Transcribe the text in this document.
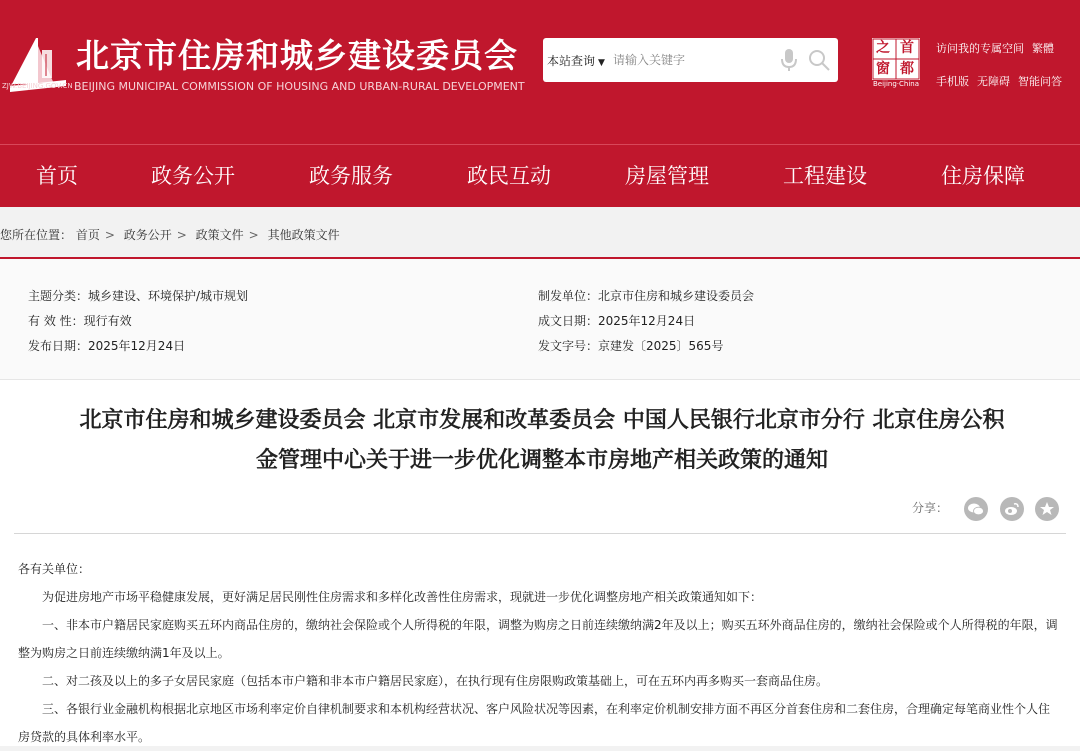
ZJW.BEIJING.GOV.CN
北京市住房和城乡建设委员会
BEIJING MUNICIPAL COMMISSION OF HOUSING AND URBAN-RURAL DEVELOPMENT
本站查询 ▼
请输入关键字
之 首
窗 都
Beijing·China
访问我的专属空间 繁體
手机版 无障碍 智能问答
首页	政务公开	政务服务	政民互动	房屋管理	工程建设	住房保障
您所在位置： 首页 > 政务公开 > 政策文件 > 其他政策文件
主题分类：城乡建设、环境保护/城市规划
有 效 性：现行有效
发布日期：2025年12月24日
制发单位：北京市住房和城乡建设委员会
成文日期：2025年12月24日
发文字号：京建发〔2025〕565号
北京市住房和城乡建设委员会 北京市发展和改革委员会 中国人民银行北京市分行 北京住房公积
金管理中心关于进一步优化调整本市房地产相关政策的通知
分享：

各有关单位：

为促进房地产市场平稳健康发展，更好满足居民刚性住房需求和多样化改善性住房需求，现就进一步优化调整房地产相关政策通知如下：

一、非本市户籍居民家庭购买五环内商品住房的，缴纳社会保险或个人所得税的年限，调整为购房之日前连续缴纳满2年及以上；购买五环外商品住房的，缴纳社会保险或个人所得税的年限，调整为购房之日前连续缴纳满1年及以上。

二、对二孩及以上的多子女居民家庭（包括本市户籍和非本市户籍居民家庭），在执行现有住房限购政策基础上，可在五环内再多购买一套商品住房。

三、各银行业金融机构根据北京地区市场利率定价自律机制要求和本机构经营状况、客户风险状况等因素，在利率定价机制安排方面不再区分首套住房和二套住房，合理确定每笔商业性个人住房贷款的具体利率水平。
